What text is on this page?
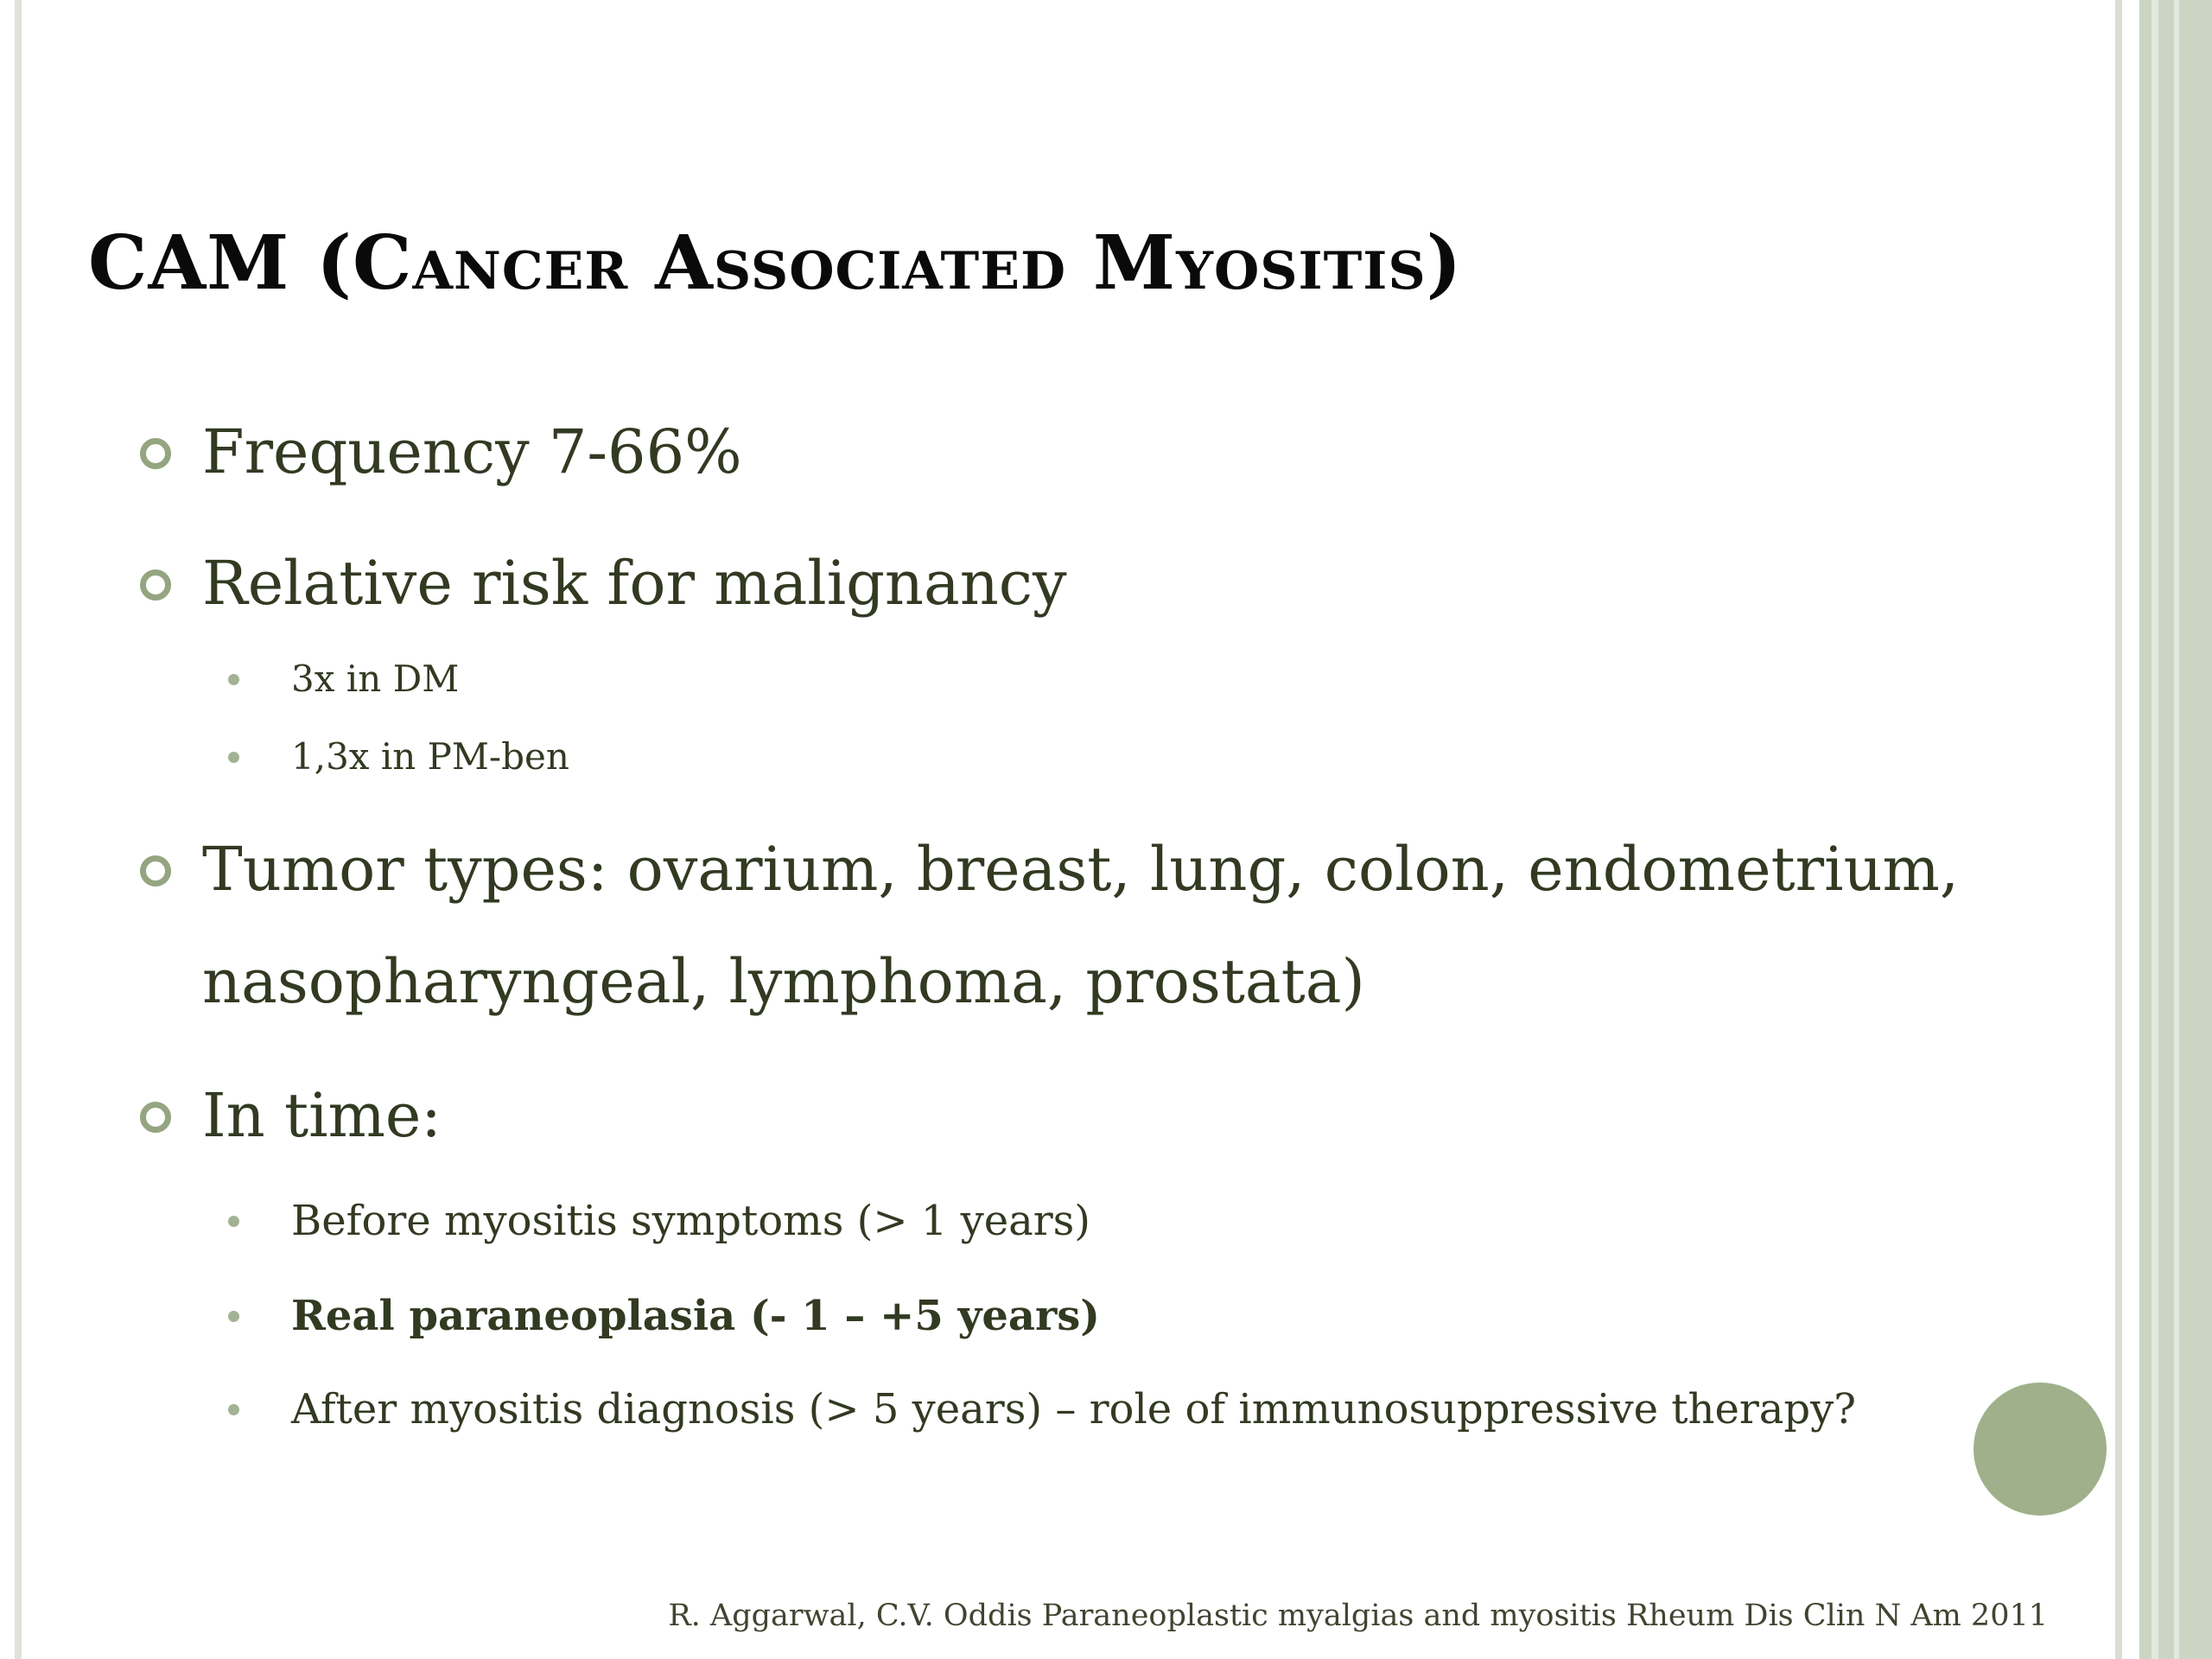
CAM (Cancer Associated Myositis)
Frequency 7-66%
Relative risk for malignancy
3x in DM
1,3x in PM-ben
Tumor types: ovarium, breast, lung, colon, endometrium, nasopharyngeal, lymphoma, prostata)
In time:
Before myositis symptoms (> 1 years)
Real paraneoplasia (- 1 – +5 years)
After myositis diagnosis (> 5 years) – role of immunosuppressive therapy?
R. Aggarwal, C.V. Oddis Paraneoplastic myalgias and myositis Rheum Dis Clin N Am 2011
